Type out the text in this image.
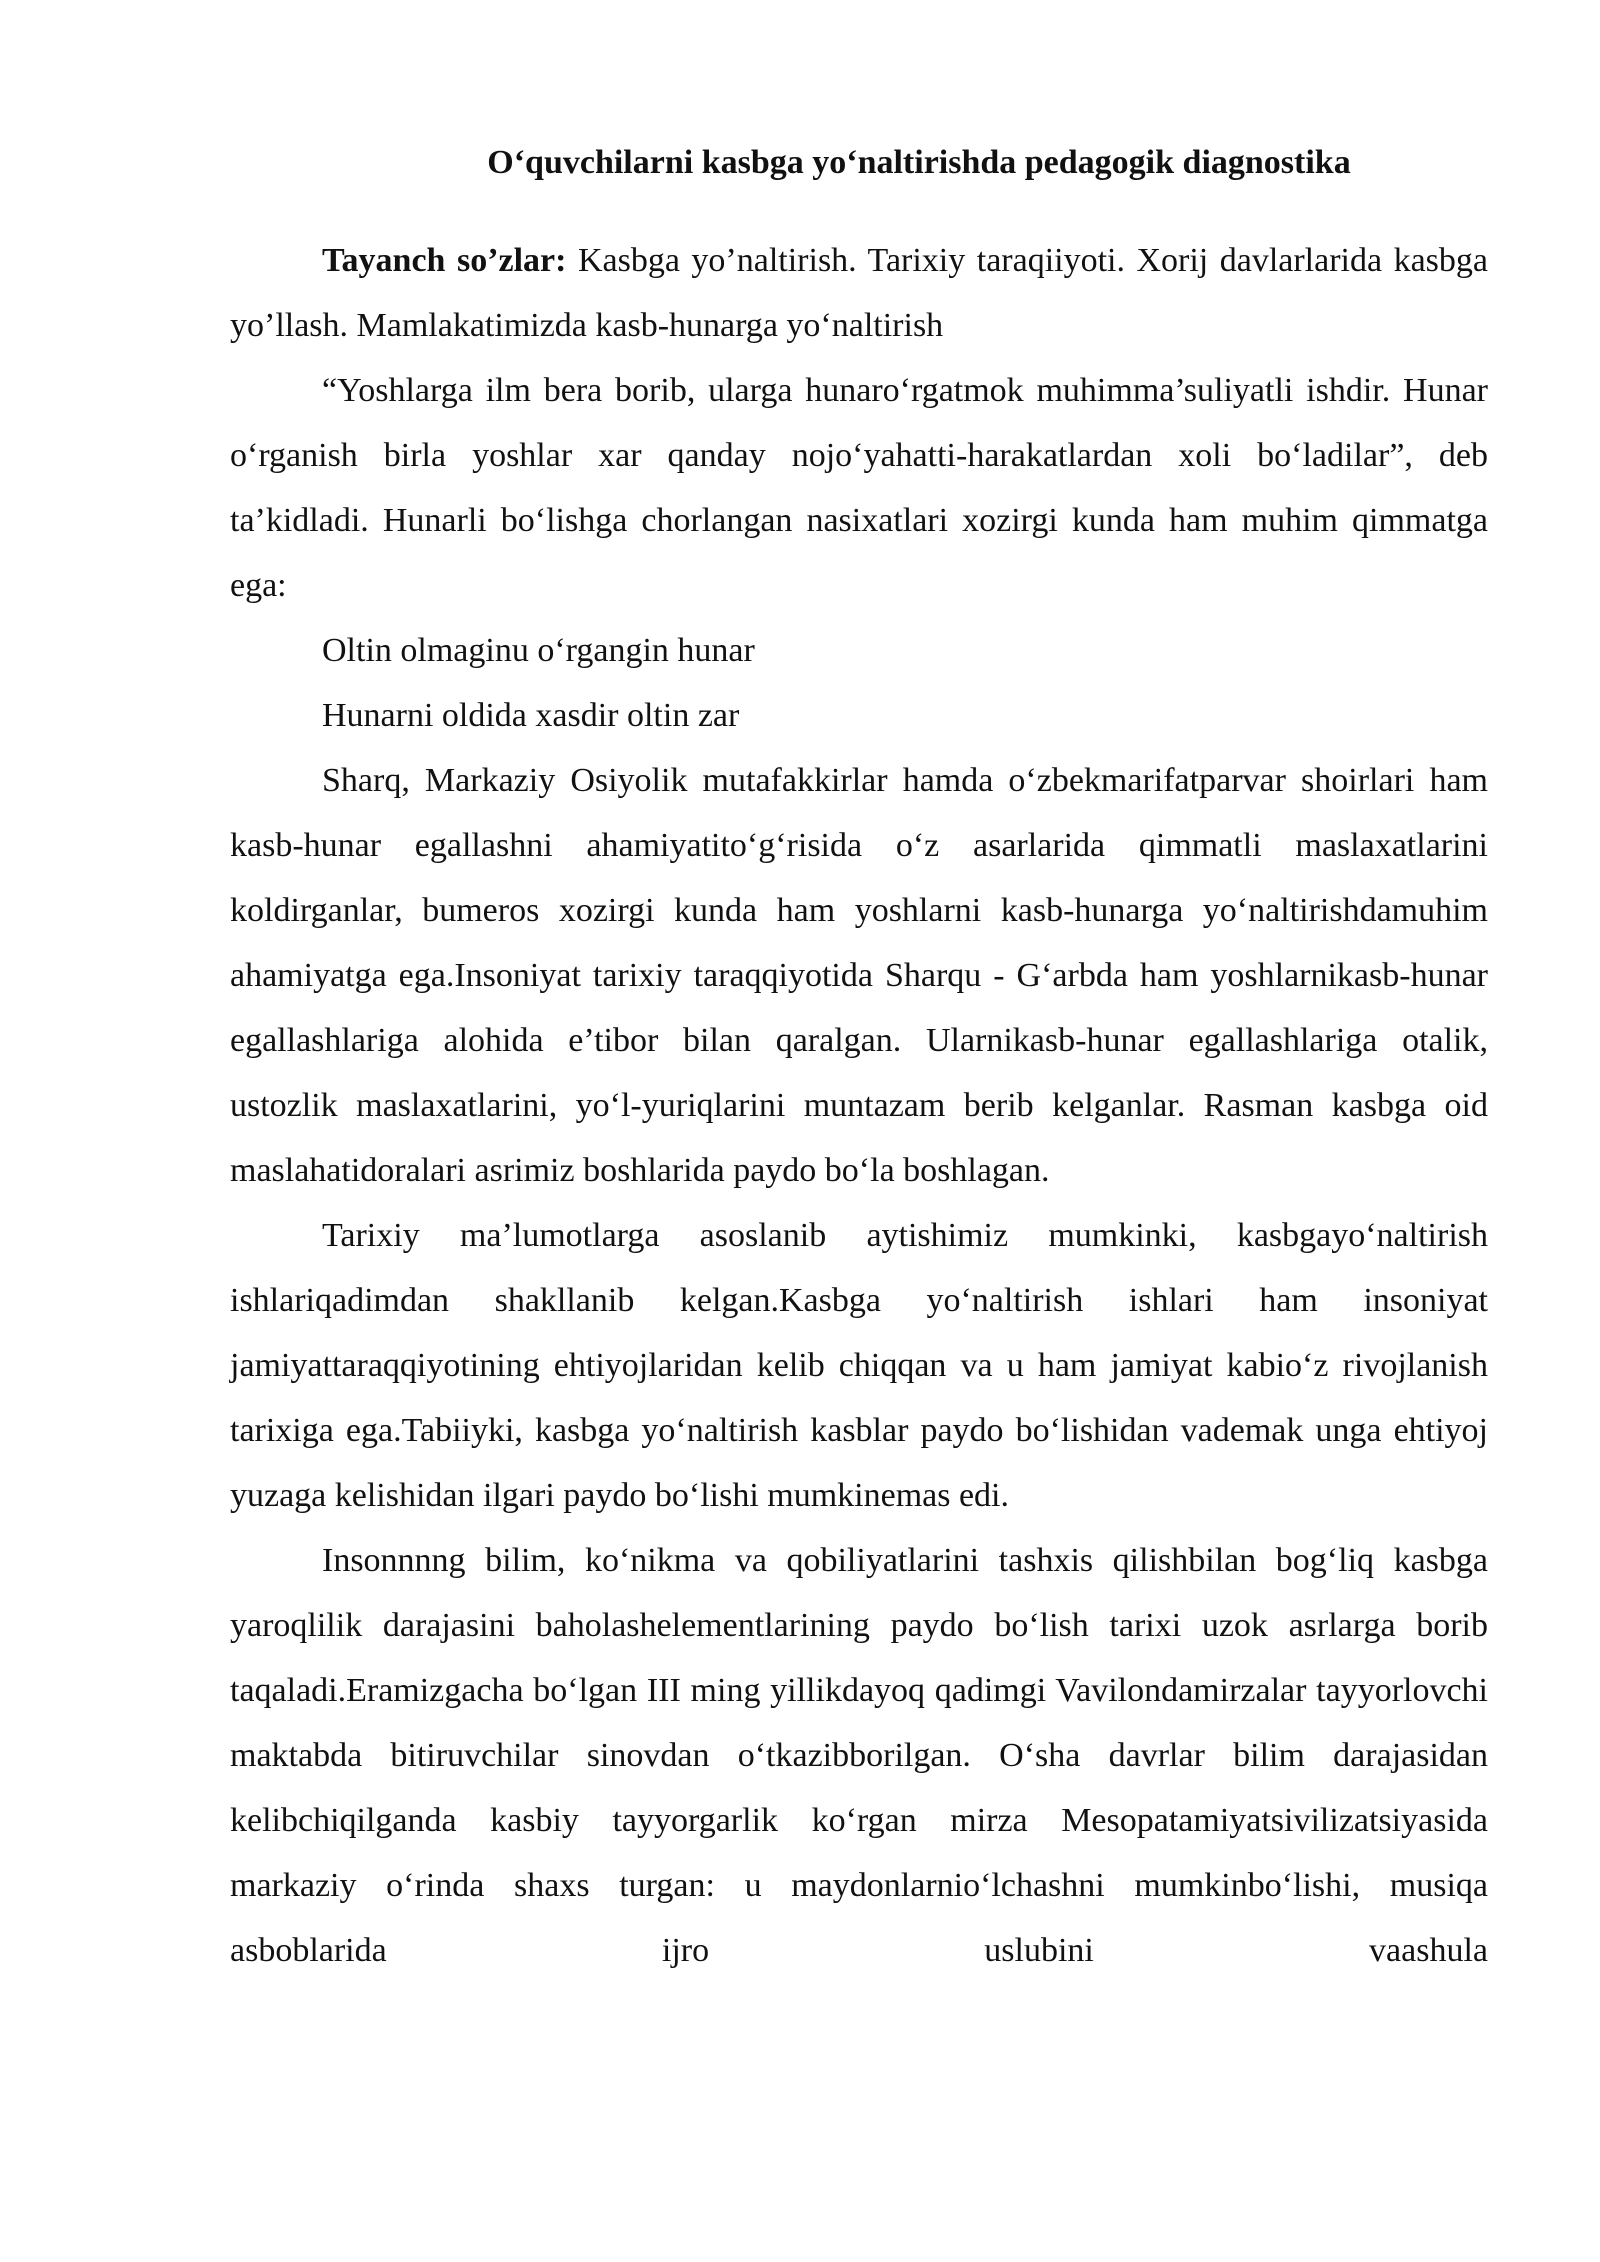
O‘quvchilarni kasbga yo‘naltirishda pedagogik diagnostika

Tayanch so’zlar: Kasbga yo’naltirish. Tarixiy taraqiiyoti. Xorij davlarlarida kasbga yo’llash. Mamlakatimizda kasb-hunarga yo‘naltirish

“Yoshlarga ilm bera borib, ularga hunaro‘rgatmok muhimma’suliyatli ishdir. Hunar o‘rganish birla yoshlar xar qanday nojo‘yahatti-harakatlardan xoli bo‘ladilar”, deb ta’kidladi. Hunarli bo‘lishga chorlangan nasixatlari xozirgi kunda ham muhim qimmatga ega:

Oltin olmaginu o‘rgangin hunar

Hunarni oldida xasdir oltin zar

Sharq, Markaziy Osiyolik mutafakkirlar hamda o‘zbekmarifatparvar shoirlari ham kasb-hunar egallashni ahamiyatito‘g‘risida o‘z asarlarida qimmatli maslaxatlarini koldirganlar, bumeros xozirgi kunda ham yoshlarni kasb-hunarga yo‘naltirishdamuhim ahamiyatga ega.Insoniyat tarixiy taraqqiyotida Sharqu - G‘arbda ham yoshlarnikasb-hunar egallashlariga alohida e’tibor bilan qaralgan. Ularnikasb-hunar egallashlariga otalik, ustozlik maslaxatlarini, yo‘l-yuriqlarini muntazam berib kelganlar. Rasman kasbga oid maslahatidoralari asrimiz boshlarida paydo bo‘la boshlagan.

Tarixiy ma’lumotlarga asoslanib aytishimiz mumkinki, kasbgayo‘naltirish ishlariqadimdan shakllanib kelgan.Kasbga yo‘naltirish ishlari ham insoniyat jamiyattaraqqiyotining ehtiyojlaridan kelib chiqqan va u ham jamiyat kabio‘z rivojlanish tarixiga ega.Tabiiyki, kasbga yo‘naltirish kasblar paydo bo‘lishidan vademak unga ehtiyoj yuzaga kelishidan ilgari paydo bo‘lishi mumkinemas edi.

Insonnnng bilim, ko‘nikma va qobiliyatlarini tashxis qilishbilan bog‘liq kasbga yaroqlilik darajasini baholashelementlarining paydo bo‘lish tarixi uzok asrlarga borib taqaladi.Eramizgacha bo‘lgan III ming yillikdayoq qadimgi Vavilondamirzalar tayyorlovchi maktabda bitiruvchilar sinovdan o‘tkazibborilgan. O‘sha davrlar bilim darajasidan kelibchiqilganda kasbiy tayyorgarlik ko‘rgan mirza Mesopatamiyatsivilizatsiyasida markaziy o‘rinda shaxs turgan: u maydonlarnio‘lchashni mumkinbo‘lishi, musiqa asboblarida ijro uslubini vaashula
